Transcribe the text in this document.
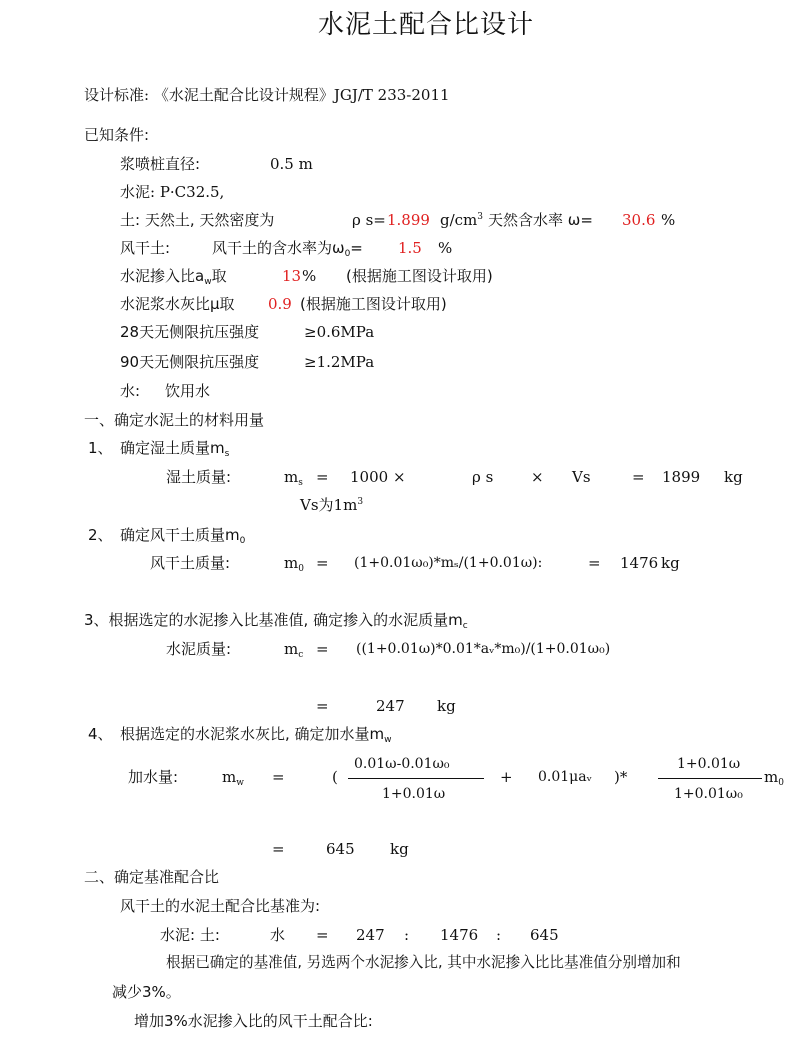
水泥土配合比设计
设计标准: 《水泥土配合比设计规程》JGJ/T 233-2011
已知条件:
浆喷桩直径:	0.5 m
水泥: P·C32.5,
土: 天然土, 天然密度为	ρ s= 1.899 $g/cm^3$ 天然含水率 ω= 30.6 %
风干土:	风干土的含水率为$\omega_0= 1.5$ %
水泥掺入比$a_w$取	13 % (根据施工图设计取用)
水泥浆水灰比μ取 0.9 (根据施工图设计取用)
28天无侧限抗压强度	≥0.6MPa
90天无侧限抗压强度	≥1.2MPa
水: 饮用水
一、确定水泥土的材料用量
1、 确定湿土质量$m_s$
湿土质量:	$m_s = 1000$ ×	ρ s	× Vs	= 1899 kg
Vs为$1m^3$
2、 确定风干土质量$m_0$
风干土质量:	$m_0 = (1+0.01\omega_0)*m_s/(1+0.01\omega)$:	= 1476 kg
3、根据选定的水泥掺入比基准值, 确定掺入的水泥质量$m_c$
水泥质量:	$m_c$ = ((1+0.01ω)*0.01*aᵥ*m₀)/(1+0.01ω₀)
=	247 kg
4、 根据选定的水泥浆水灰比, 确定加水量$m_w$
加水量:	$m_w$ =	(
0.01ω-0.01ω₀
1+0.01ω
+ 0.01μaᵥ )*
1+0.01ω
1+0.01ω₀
$m_0$
=	645 kg
二、确定基准配合比
风干土的水泥土配合比基准为:
水泥: 土:	水 = 247 : 1476 : 645
根据已确定的基准值, 另选两个水泥掺入比, 其中水泥掺入比比基准值分别增加和
减少3%。
增加3%水泥掺入比的风干土配合比:
